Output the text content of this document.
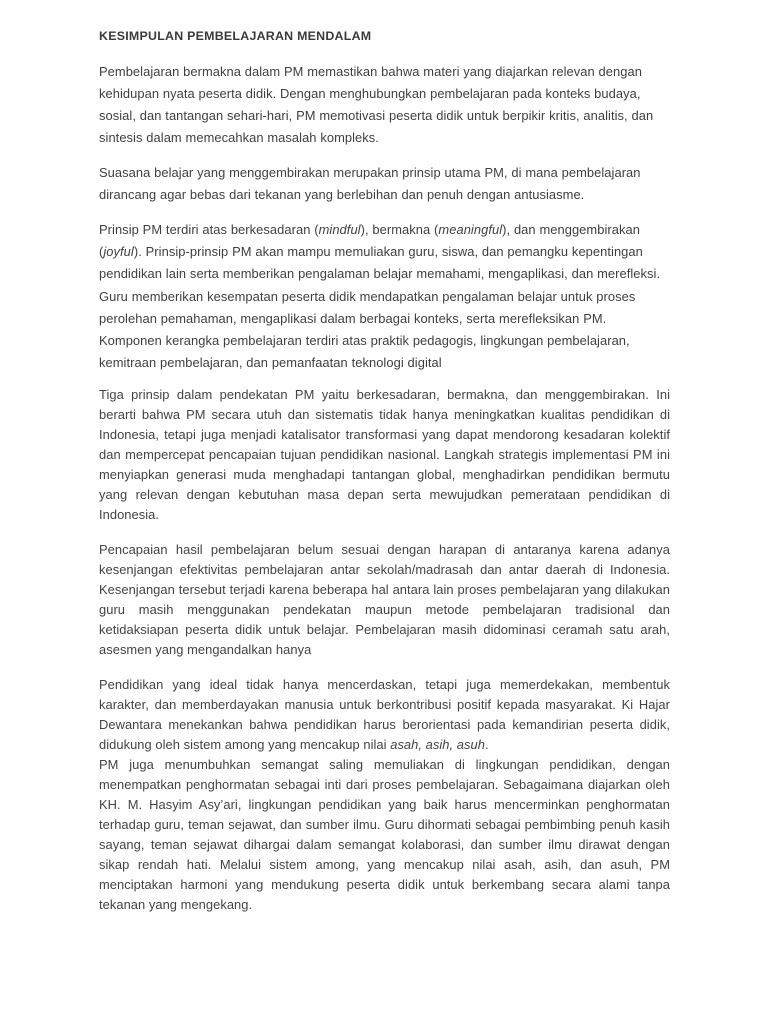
KESIMPULAN PEMBELAJARAN MENDALAM

Pembelajaran bermakna dalam PM memastikan bahwa materi yang diajarkan relevan dengan kehidupan nyata peserta didik. Dengan menghubungkan pembelajaran pada konteks budaya, sosial, dan tantangan sehari-hari, PM memotivasi peserta didik untuk berpikir kritis, analitis, dan sintesis dalam memecahkan masalah kompleks.

Suasana belajar yang menggembirakan merupakan prinsip utama PM, di mana pembelajaran dirancang agar bebas dari tekanan yang berlebihan dan penuh dengan antusiasme.

Prinsip PM terdiri atas berkesadaran (mindful), bermakna (meaningful), dan menggembirakan (joyful). Prinsip-prinsip PM akan mampu memuliakan guru, siswa, dan pemangku kepentingan pendidikan lain serta memberikan pengalaman belajar memahami, mengaplikasi, dan merefleksi. Guru memberikan kesempatan peserta didik mendapatkan pengalaman belajar untuk proses perolehan pemahaman, mengaplikasi dalam berbagai konteks, serta merefleksikan PM. Komponen kerangka pembelajaran terdiri atas praktik pedagogis, lingkungan pembelajaran, kemitraan pembelajaran, dan pemanfaatan teknologi digital

Tiga prinsip dalam pendekatan PM yaitu berkesadaran, bermakna, dan menggembirakan. Ini berarti bahwa PM secara utuh dan sistematis tidak hanya meningkatkan kualitas pendidikan di Indonesia, tetapi juga menjadi katalisator transformasi yang dapat mendorong kesadaran kolektif dan mempercepat pencapaian tujuan pendidikan nasional. Langkah strategis implementasi PM ini menyiapkan generasi muda menghadapi tantangan global, menghadirkan pendidikan bermutu yang relevan dengan kebutuhan masa depan serta mewujudkan pemerataan pendidikan di Indonesia.

Pencapaian hasil pembelajaran belum sesuai dengan harapan di antaranya karena adanya kesenjangan efektivitas pembelajaran antar sekolah/madrasah dan antar daerah di Indonesia. Kesenjangan tersebut terjadi karena beberapa hal antara lain proses pembelajaran yang dilakukan guru masih menggunakan pendekatan maupun metode pembelajaran tradisional dan ketidaksiapan peserta didik untuk belajar. Pembelajaran masih didominasi ceramah satu arah, asesmen yang mengandalkan hanya

Pendidikan yang ideal tidak hanya mencerdaskan, tetapi juga memerdekakan, membentuk karakter, dan memberdayakan manusia untuk berkontribusi positif kepada masyarakat. Ki Hajar Dewantara menekankan bahwa pendidikan harus berorientasi pada kemandirian peserta didik, didukung oleh sistem among yang mencakup nilai asah, asih, asuh.

PM juga menumbuhkan semangat saling memuliakan di lingkungan pendidikan, dengan menempatkan penghormatan sebagai inti dari proses pembelajaran. Sebagaimana diajarkan oleh KH. M. Hasyim Asy’ari, lingkungan pendidikan yang baik harus mencerminkan penghormatan terhadap guru, teman sejawat, dan sumber ilmu. Guru dihormati sebagai pembimbing penuh kasih sayang, teman sejawat dihargai dalam semangat kolaborasi, dan sumber ilmu dirawat dengan sikap rendah hati. Melalui sistem among, yang mencakup nilai asah, asih, dan asuh, PM menciptakan harmoni yang mendukung peserta didik untuk berkembang secara alami tanpa tekanan yang mengekang.
